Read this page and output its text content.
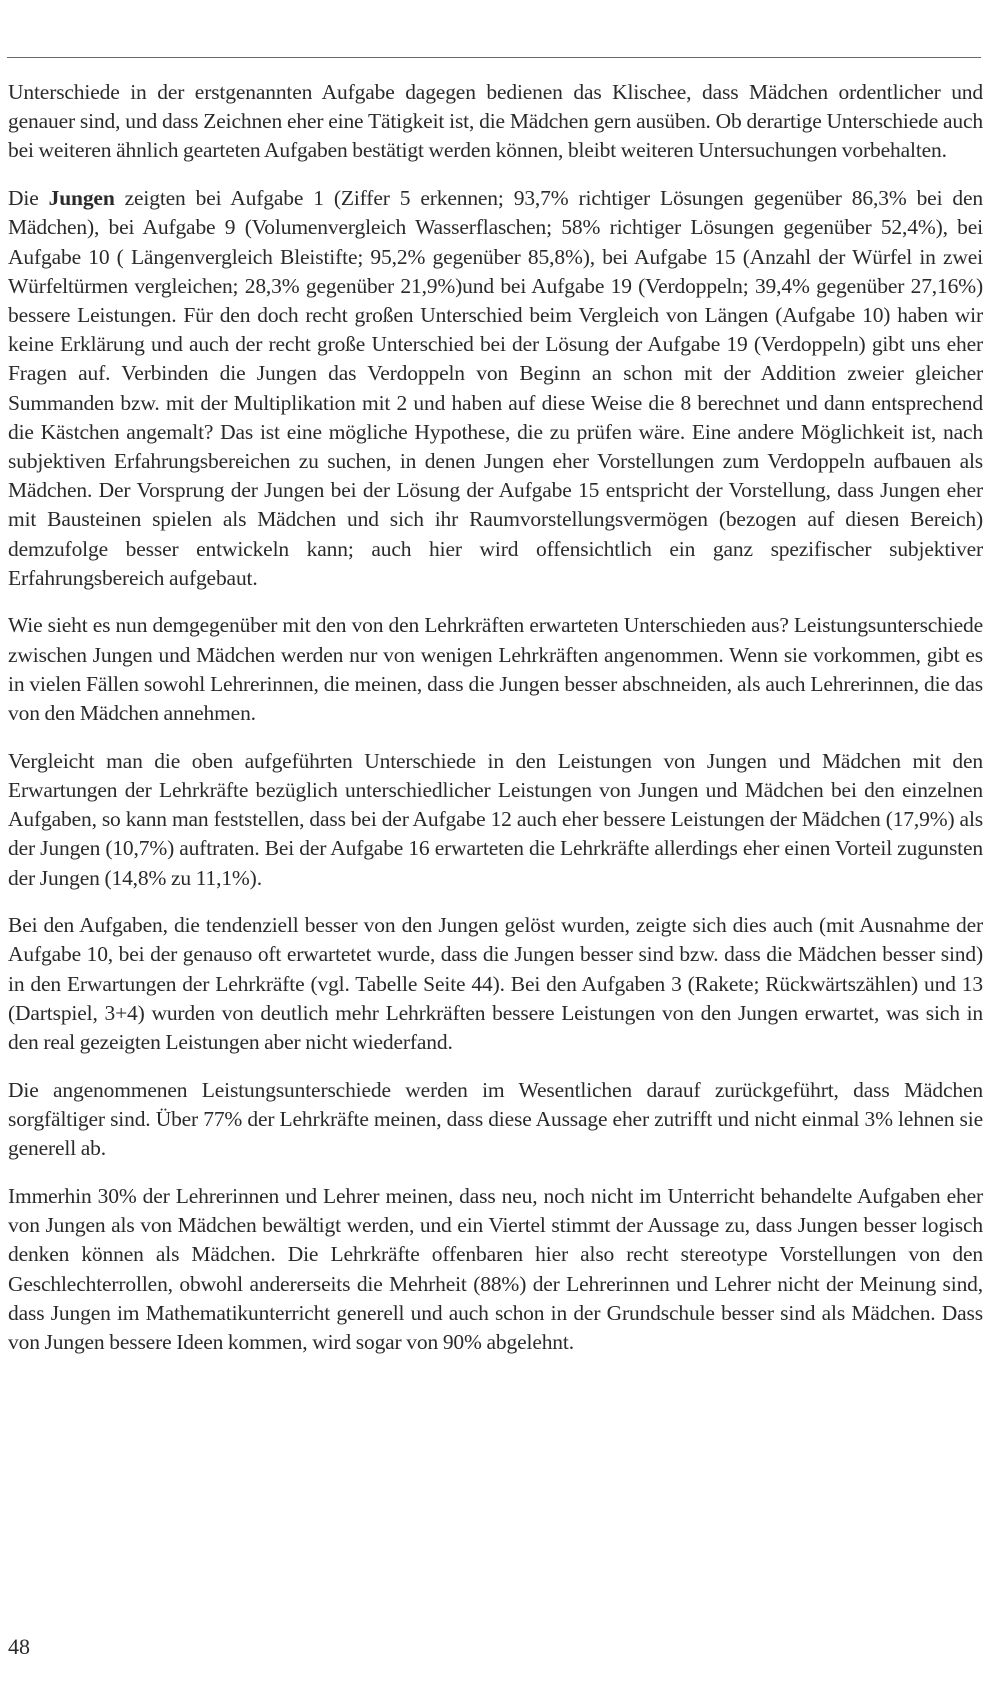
Unterschiede in der erstgenannten Aufgabe dagegen bedienen das Klischee, dass Mädchen ordentlicher und genauer sind, und dass Zeichnen eher eine Tätigkeit ist, die Mädchen gern ausüben. Ob derartige Unterschiede auch bei weiteren ähnlich gearteten Aufgaben bestätigt werden können, bleibt weiteren Untersuchungen vorbehalten.

Die Jungen zeigten bei Aufgabe 1 (Ziffer 5 erkennen; 93,7% richtiger Lösungen gegenüber 86,3% bei den Mädchen), bei Aufgabe 9 (Volumenvergleich Wasserflaschen; 58% richtiger Lösungen gegenüber 52,4%), bei Aufgabe 10 ( Längenvergleich Bleistifte; 95,2% gegenüber 85,8%), bei Aufgabe 15 (Anzahl der Würfel in zwei Würfeltürmen vergleichen; 28,3% gegenüber 21,9%)und bei Aufgabe 19 (Verdoppeln; 39,4% gegenüber 27,16%) bessere Leistungen. Für den doch recht großen Unterschied beim Vergleich von Längen (Aufgabe 10) haben wir keine Erklärung und auch der recht große Unterschied bei der Lösung der Aufgabe 19 (Verdoppeln) gibt uns eher Fragen auf. Verbinden die Jungen das Verdoppeln von Beginn an schon mit der Addition zweier gleicher Summanden bzw. mit der Multiplikation mit 2 und haben auf diese Weise die 8 berechnet und dann entsprechend die Kästchen angemalt? Das ist eine mögliche Hypothese, die zu prüfen wäre. Eine andere Möglichkeit ist, nach subjektiven Erfahrungsbereichen zu suchen, in denen Jungen eher Vorstellungen zum Verdoppeln aufbauen als Mädchen. Der Vorsprung der Jungen bei der Lösung der Aufgabe 15 entspricht der Vorstellung, dass Jungen eher mit Bausteinen spielen als Mädchen und sich ihr Raumvorstellungsvermögen (bezogen auf diesen Bereich) demzufolge besser entwickeln kann; auch hier wird offensichtlich ein ganz spezifischer subjektiver Erfahrungsbereich aufgebaut.

Wie sieht es nun demgegenüber mit den von den Lehrkräften erwarteten Unterschieden aus? Leistungsunterschiede zwischen Jungen und Mädchen werden nur von wenigen Lehrkräften angenommen. Wenn sie vorkommen, gibt es in vielen Fällen sowohl Lehrerinnen, die meinen, dass die Jungen besser abschneiden, als auch Lehrerinnen, die das von den Mädchen annehmen.

Vergleicht man die oben aufgeführten Unterschiede in den Leistungen von Jungen und Mädchen mit den Erwartungen der Lehrkräfte bezüglich unterschiedlicher Leistungen von Jungen und Mädchen bei den einzelnen Aufgaben, so kann man feststellen, dass bei der Aufgabe 12 auch eher bessere Leistungen der Mädchen (17,9%) als der Jungen (10,7%) auftraten. Bei der Aufgabe 16 erwarteten die Lehrkräfte allerdings eher einen Vorteil zugunsten der Jungen (14,8% zu 11,1%).

Bei den Aufgaben, die tendenziell besser von den Jungen gelöst wurden, zeigte sich dies auch (mit Ausnahme der Aufgabe 10, bei der genauso oft erwartetet wurde, dass die Jungen besser sind bzw. dass die Mädchen besser sind) in den Erwartungen der Lehrkräfte (vgl. Tabelle Seite 44). Bei den Aufgaben 3 (Rakete; Rückwärtszählen) und 13 (Dartspiel, 3+4) wurden von deutlich mehr Lehrkräften bessere Leistungen von den Jungen erwartet, was sich in den real gezeigten Leistungen aber nicht wiederfand.

Die angenommenen Leistungsunterschiede werden im Wesentlichen darauf zurückgeführt, dass Mädchen sorgfältiger sind. Über 77% der Lehrkräfte meinen, dass diese Aussage eher zutrifft und nicht einmal 3% lehnen sie generell ab.

Immerhin 30% der Lehrerinnen und Lehrer meinen, dass neu, noch nicht im Unterricht behandelte Aufgaben eher von Jungen als von Mädchen bewältigt werden, und ein Viertel stimmt der Aussage zu, dass Jungen besser logisch denken können als Mädchen. Die Lehrkräfte offenbaren hier also recht stereotype Vorstellungen von den Geschlechterrollen, obwohl andererseits die Mehrheit (88%) der Lehrerinnen und Lehrer nicht der Meinung sind, dass Jungen im Mathematikunterricht generell und auch schon in der Grundschule besser sind als Mädchen. Dass von Jungen bessere Ideen kommen, wird sogar von 90% abgelehnt.

48
